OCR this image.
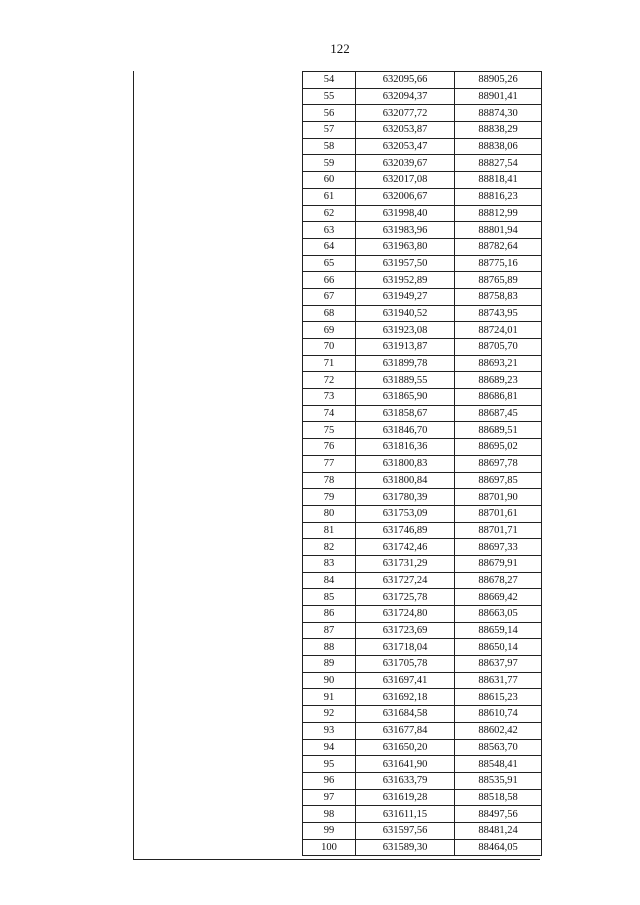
122
54	632095,66	88905,26
55	632094,37	88901,41
56	632077,72	88874,30
57	632053,87	88838,29
58	632053,47	88838,06
59	632039,67	88827,54
60	632017,08	88818,41
61	632006,67	88816,23
62	631998,40	88812,99
63	631983,96	88801,94
64	631963,80	88782,64
65	631957,50	88775,16
66	631952,89	88765,89
67	631949,27	88758,83
68	631940,52	88743,95
69	631923,08	88724,01
70	631913,87	88705,70
71	631899,78	88693,21
72	631889,55	88689,23
73	631865,90	88686,81
74	631858,67	88687,45
75	631846,70	88689,51
76	631816,36	88695,02
77	631800,83	88697,78
78	631800,84	88697,85
79	631780,39	88701,90
80	631753,09	88701,61
81	631746,89	88701,71
82	631742,46	88697,33
83	631731,29	88679,91
84	631727,24	88678,27
85	631725,78	88669,42
86	631724,80	88663,05
87	631723,69	88659,14
88	631718,04	88650,14
89	631705,78	88637,97
90	631697,41	88631,77
91	631692,18	88615,23
92	631684,58	88610,74
93	631677,84	88602,42
94	631650,20	88563,70
95	631641,90	88548,41
96	631633,79	88535,91
97	631619,28	88518,58
98	631611,15	88497,56
99	631597,56	88481,24
100	631589,30	88464,05
